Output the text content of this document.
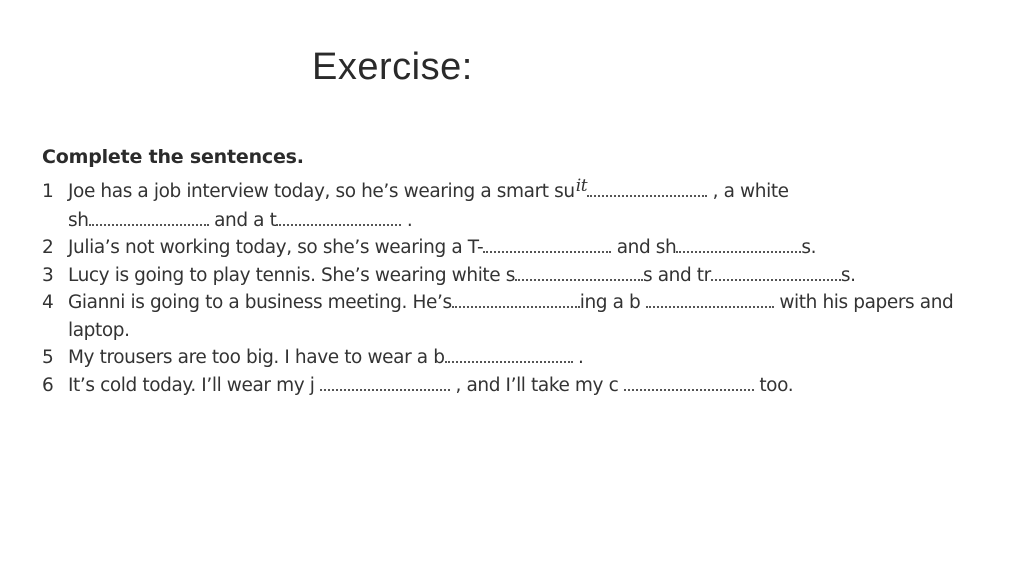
Exercise:
Complete the sentences.
1 Joe has a job interview today, so he’s wearing a smart suit	, a white
sh	and a t	.
2 Julia’s not working today, so she’s wearing a T-	and sh	s.
3 Lucy is going to play tennis. She’s wearing white s	s and tr	s.
4 Gianni is going to a business meeting. He’s	ing a b	with his papers and
laptop.
5 My trousers are too big. I have to wear a b	.
6 It’s cold today. I’ll wear my j	, and I’ll take my c	too.
